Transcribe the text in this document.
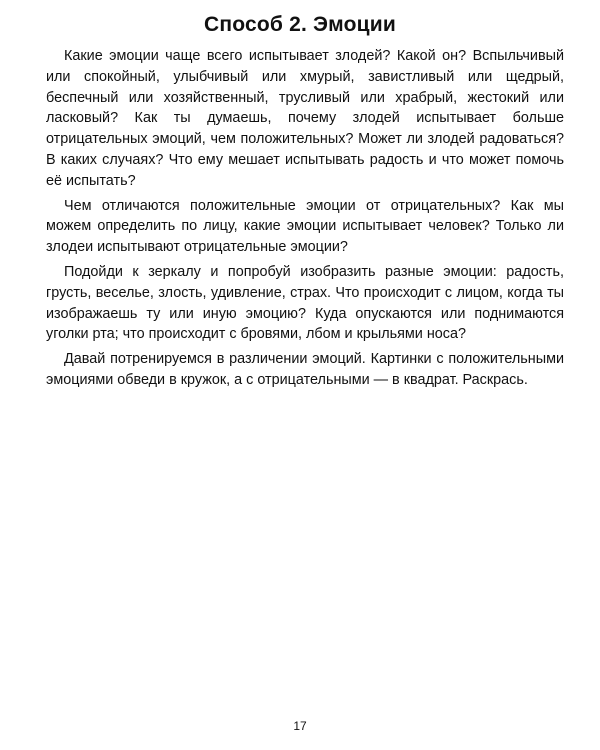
Способ 2. Эмоции

Какие эмоции чаще всего испытывает злодей? Какой он? Вспыльчивый или спокойный, улыбчивый или хмурый, завистливый или щедрый, беспечный или хозяйственный, трусливый или храбрый, жестокий или ласковый? Как ты думаешь, почему злодей испытывает больше отрицательных эмоций, чем положительных? Может ли злодей радоваться? В каких случаях? Что ему мешает испытывать радость и что может помочь её испытать?

Чем отличаются положительные эмоции от отрицательных? Как мы можем определить по лицу, какие эмоции испытывает человек? Только ли злодеи испытывают отрицательные эмоции?

Подойди к зеркалу и попробуй изобразить разные эмоции: радость, грусть, веселье, злость, удивление, страх. Что происходит с лицом, когда ты изображаешь ту или иную эмоцию? Куда опускаются или поднимаются уголки рта; что происходит с бровями, лбом и крыльями носа?

Давай потренируемся в различении эмоций. Картинки с положительными эмоциями обведи в кружок, а с отрицательными — в квадрат. Раскрась.

17
